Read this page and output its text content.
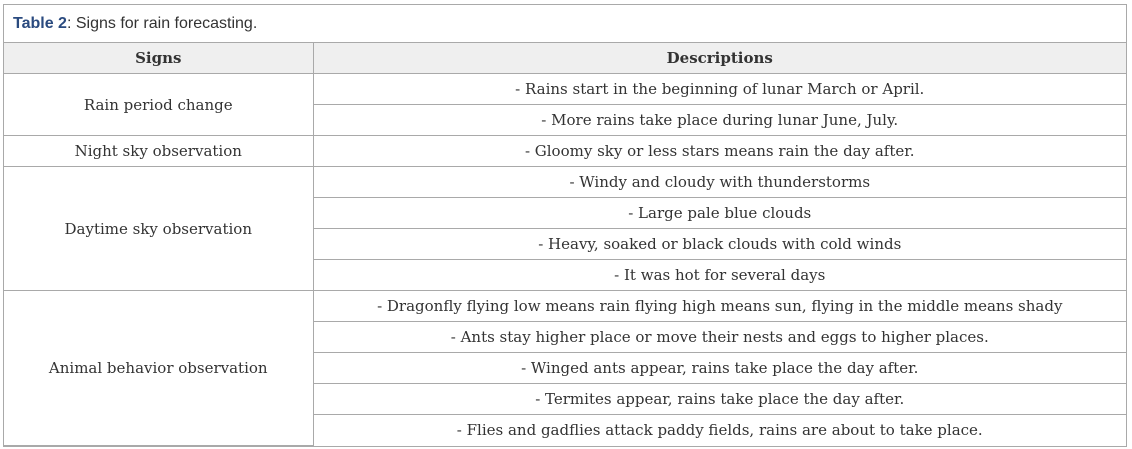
Table 2: Signs for rain forecasting.
Signs	Descriptions
Rain period change	- Rains start in the beginning of lunar March or April.
	- More rains take place during lunar June, July.
Night sky observation	- Gloomy sky or less stars means rain the day after.
Daytime sky observation	- Windy and cloudy with thunderstorms
	- Large pale blue clouds
	- Heavy, soaked or black clouds with cold winds
	- It was hot for several days
Animal behavior observation	- Dragonfly flying low means rain flying high means sun, flying in the middle means shady
	- Ants stay higher place or move their nests and eggs to higher places.
	- Winged ants appear, rains take place the day after.
	- Termites appear, rains take place the day after.
	- Flies and gadflies attack paddy fields, rains are about to take place.
